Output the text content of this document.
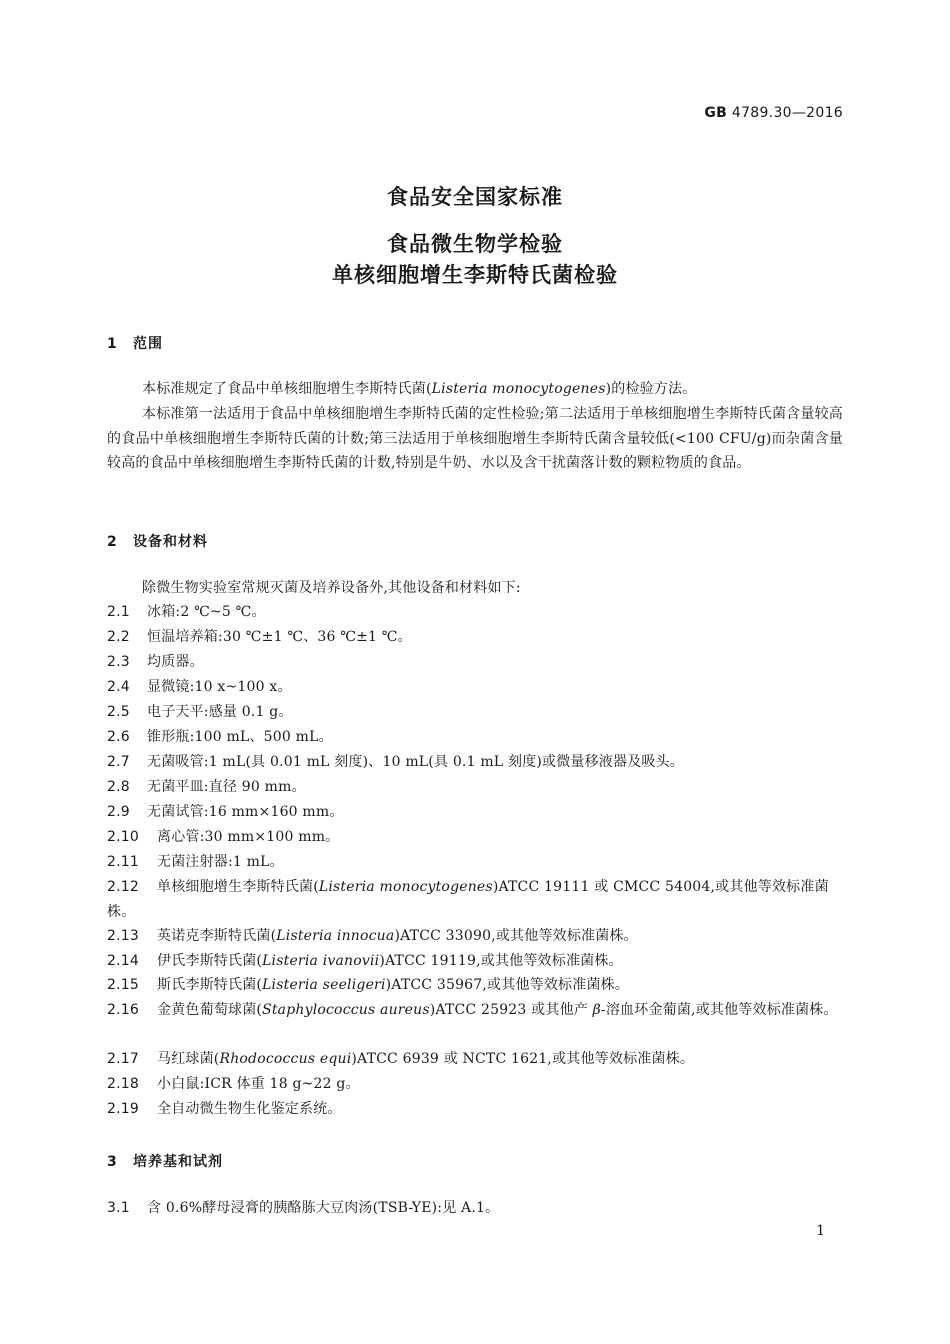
GB 4789.30—2016
食品安全国家标准
食品微生物学检验
单核细胞增生李斯特氏菌检验
1 范围
本标准规定了食品中单核细胞增生李斯特氏菌(Listeria monocytogenes)的检验方法。
本标准第一法适用于食品中单核细胞增生李斯特氏菌的定性检验;第二法适用于单核细胞增生李斯特氏菌含量较高的食品中单核细胞增生李斯特氏菌的计数;第三法适用于单核细胞增生李斯特氏菌含量较低(<100 CFU/g)而杂菌含量较高的食品中单核细胞增生李斯特氏菌的计数,特别是牛奶、水以及含干扰菌落计数的颗粒物质的食品。
2 设备和材料
除微生物实验室常规灭菌及培养设备外,其他设备和材料如下:
2.1 冰箱:2 ℃~5 ℃。
2.2 恒温培养箱:30 ℃±1 ℃、36 ℃±1 ℃。
2.3 均质器。
2.4 显微镜:10 x~100 x。
2.5 电子天平:感量 0.1 g。
2.6 锥形瓶:100 mL、500 mL。
2.7 无菌吸管:1 mL(具 0.01 mL 刻度)、10 mL(具 0.1 mL 刻度)或微量移液器及吸头。
2.8 无菌平皿:直径 90 mm。
2.9 无菌试管:16 mm×160 mm。
2.10 离心管:30 mm×100 mm。
2.11 无菌注射器:1 mL。
2.12 单核细胞增生李斯特氏菌(Listeria monocytogenes)ATCC 19111 或 CMCC 54004,或其他等效标准菌株。
2.13 英诺克李斯特氏菌(Listeria innocua)ATCC 33090,或其他等效标准菌株。
2.14 伊氏李斯特氏菌(Listeria ivanovii)ATCC 19119,或其他等效标准菌株。
2.15 斯氏李斯特氏菌(Listeria seeligeri)ATCC 35967,或其他等效标准菌株。
2.16 金黄色葡萄球菌(Staphylococcus aureus)ATCC 25923 或其他产 β-溶血环金葡菌,或其他等效标准菌株。
2.17 马红球菌(Rhodococcus equi)ATCC 6939 或 NCTC 1621,或其他等效标准菌株。
2.18 小白鼠:ICR 体重 18 g~22 g。
2.19 全自动微生物生化鉴定系统。
3 培养基和试剂
3.1 含 0.6%酵母浸膏的胰酪胨大豆肉汤(TSB-YE):见 A.1。
1
